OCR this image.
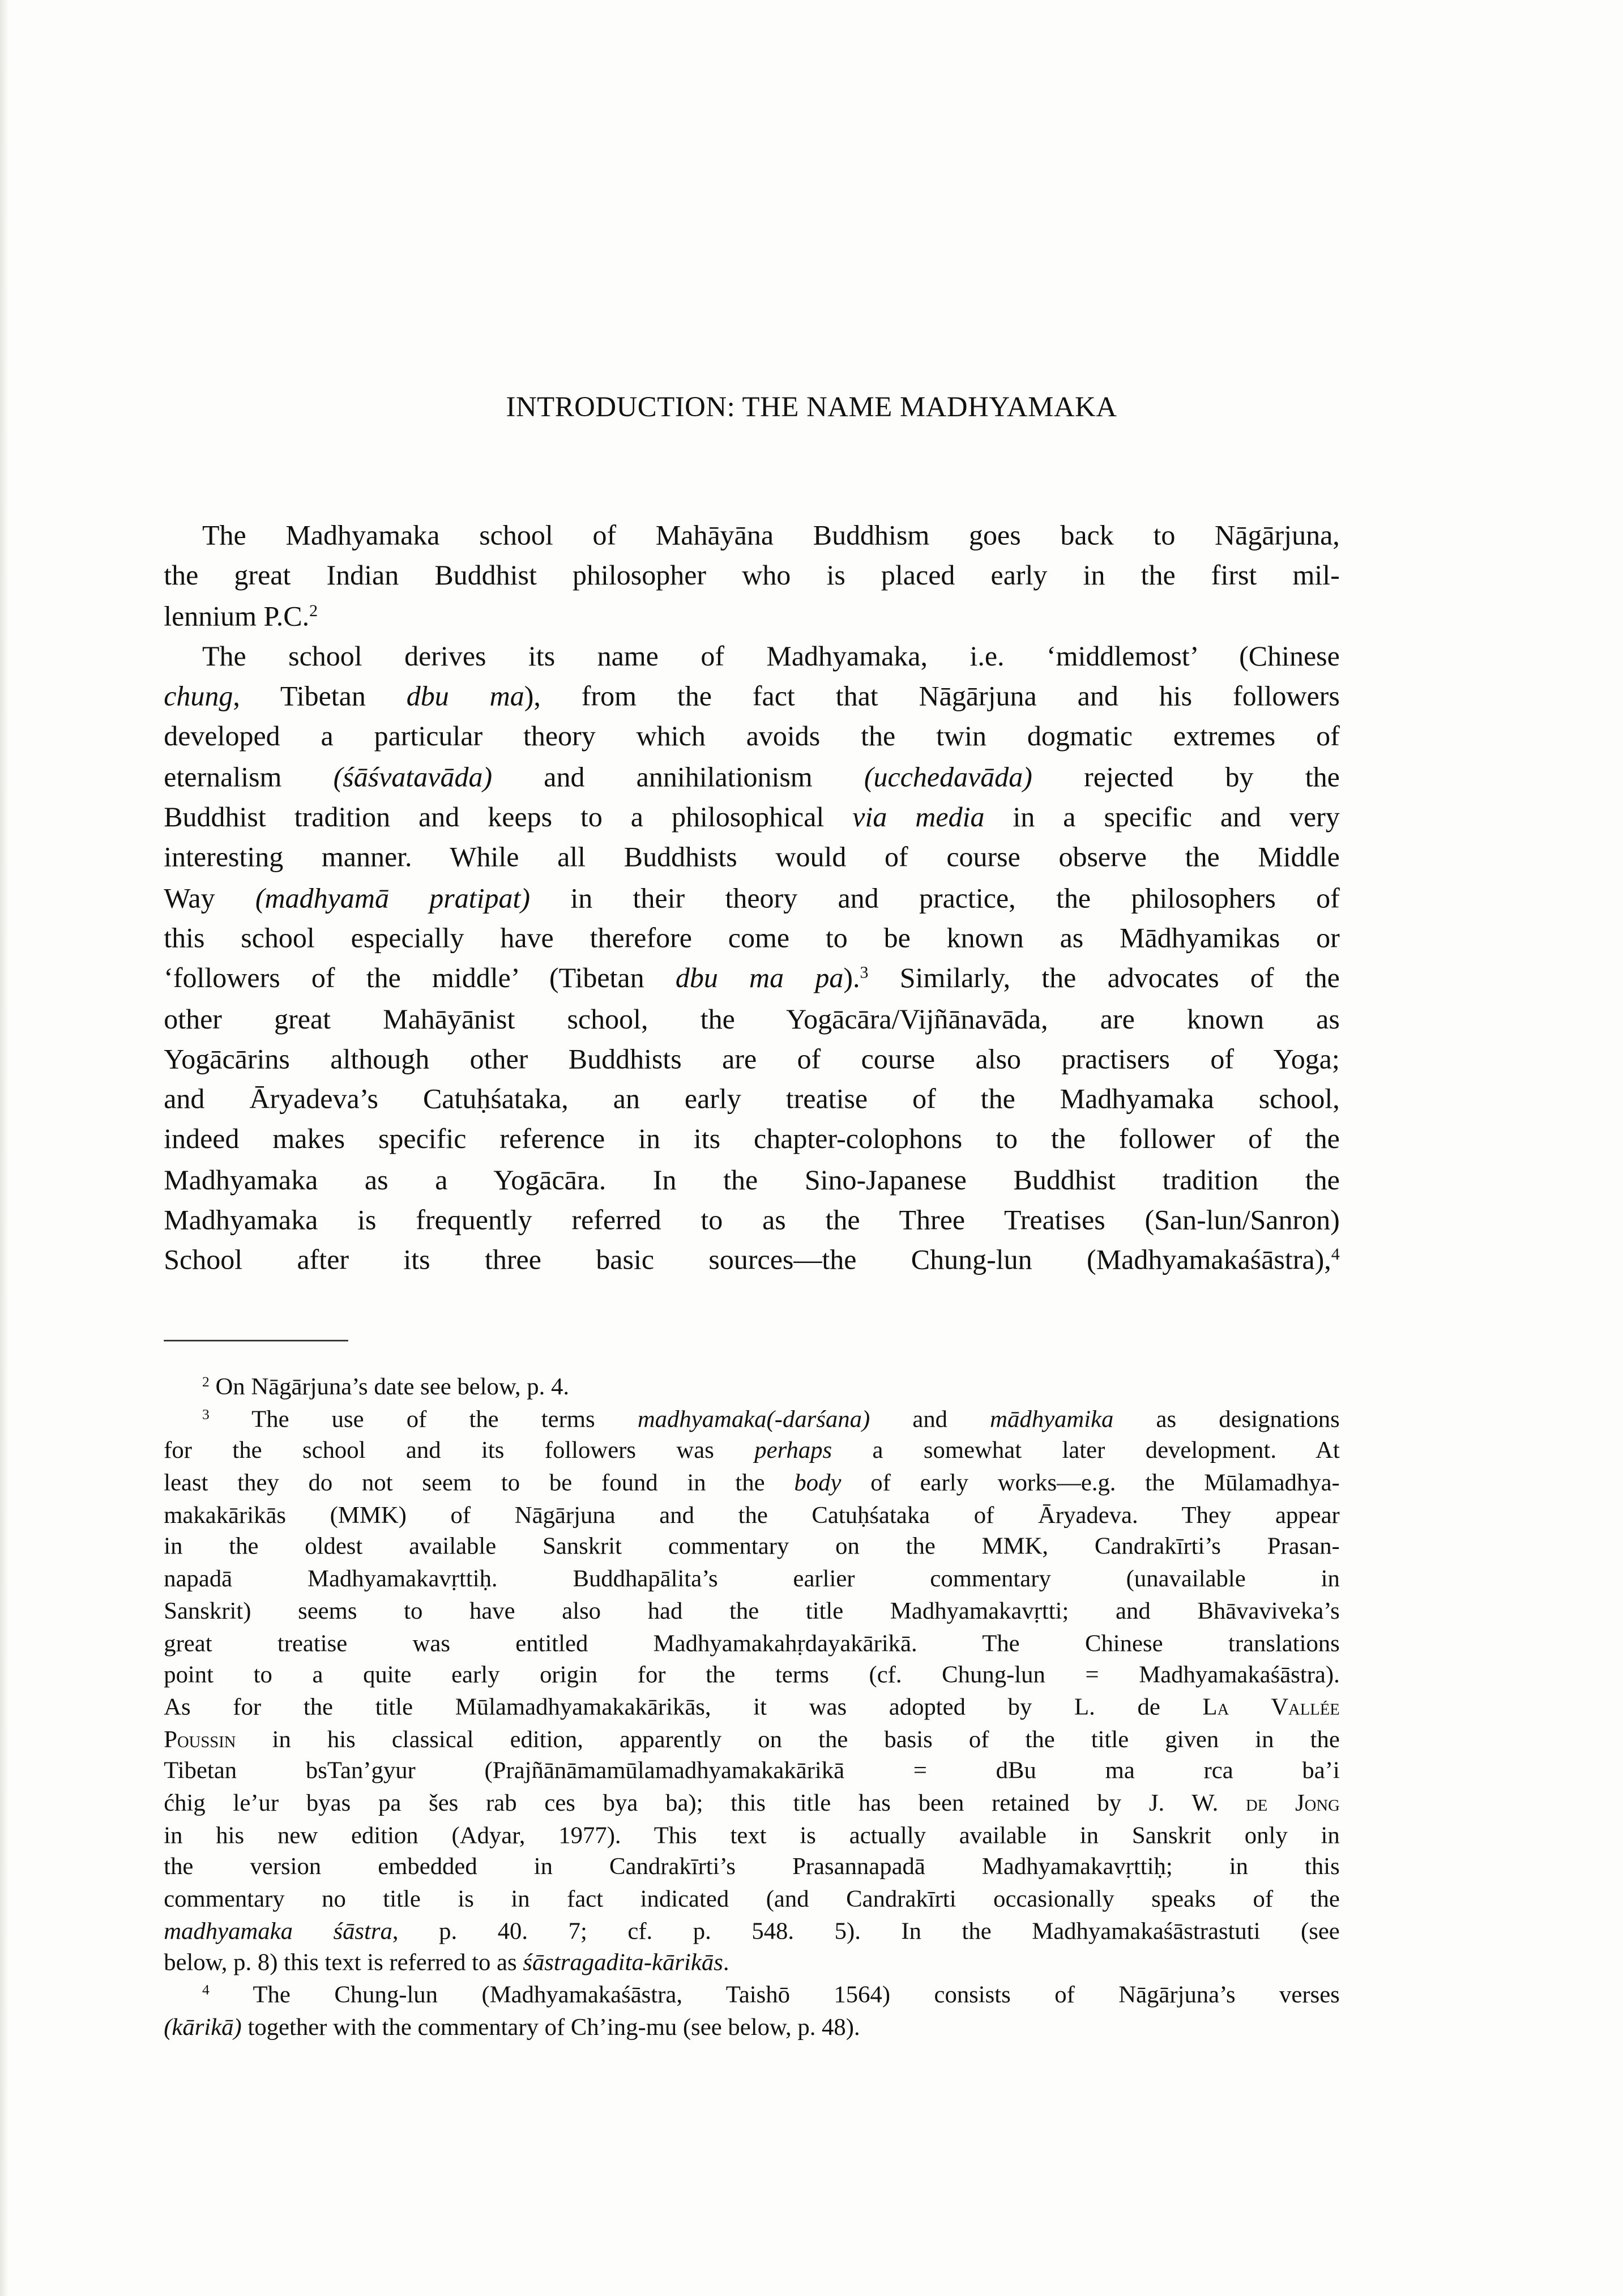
INTRODUCTION: THE NAME MADHYAMAKA
The Madhyamaka school of Mahāyāna Buddhism goes back to Nāgārjuna,
the great Indian Buddhist philosopher who is placed early in the first mil-
lennium P.C.$^2$
The school derives its name of Madhyamaka, i.e. ‘middlemost’ (Chinese
chung, Tibetan dbu ma), from the fact that Nāgārjuna and his followers
developed a particular theory which avoids the twin dogmatic extremes of
eternalism (śāśvatavāda) and annihilationism (ucchedavāda) rejected by the
Buddhist tradition and keeps to a philosophical via media in a specific and very
interesting manner. While all Buddhists would of course observe the Middle
Way (madhyamā pratipat) in their theory and practice, the philosophers of
this school especially have therefore come to be known as Mādhyamikas or
‘followers of the middle’ (Tibetan dbu ma pa).$^3$ Similarly, the advocates of the
other great Mahāyānist school, the Yogācāra/Vijñānavāda, are known as
Yogācārins although other Buddhists are of course also practisers of Yoga;
and Āryadeva’s Catuḥśataka, an early treatise of the Madhyamaka school,
indeed makes specific reference in its chapter-colophons to the follower of the
Madhyamaka as a Yogācāra. In the Sino-Japanese Buddhist tradition the
Madhyamaka is frequently referred to as the Three Treatises (San-lun/Sanron)
School after its three basic sources—the Chung-lun (Madhyamakaśāstra),$^4$
$^2$ On Nāgārjuna’s date see below, p. 4.
$^3$ The use of the terms madhyamaka(-darśana) and mādhyamika as designations
for the school and its followers was perhaps a somewhat later development. At
least they do not seem to be found in the body of early works—e.g. the Mūlamadhya-
makakārikās (MMK) of Nāgārjuna and the Catuḥśataka of Āryadeva. They appear
in the oldest available Sanskrit commentary on the MMK, Candrakīrti’s Prasan-
napadā Madhyamakavṛttiḥ. Buddhapālita’s earlier commentary (unavailable in
Sanskrit) seems to have also had the title Madhyamakavṛtti; and Bhāvaviveka’s
great treatise was entitled Madhyamakahṛdayakārikā. The Chinese translations
point to a quite early origin for the terms (cf. Chung-lun = Madhyamakaśāstra).
As for the title Mūlamadhyamakakārikās, it was adopted by L. de La Vallée
Poussin in his classical edition, apparently on the basis of the title given in the
Tibetan bsTan’gyur (Prajñānāmamūlamadhyamakakārikā = dBu ma rca ba’i
ćhig le’ur byas pa šes rab ces bya ba); this title has been retained by J. W. de Jong
in his new edition (Adyar, 1977). This text is actually available in Sanskrit only in
the version embedded in Candrakīrti’s Prasannapadā Madhyamakavṛttiḥ; in this
commentary no title is in fact indicated (and Candrakīrti occasionally speaks of the
madhyamaka śāstra, p. 40. 7; cf. p. 548. 5). In the Madhyamakaśāstrastuti (see
below, p. 8) this text is referred to as śāstragadita-kārikās.
$^4$ The Chung-lun (Madhyamakaśāstra, Taishō 1564) consists of Nāgārjuna’s verses
(kārikā) together with the commentary of Ch’ing-mu (see below, p. 48).
